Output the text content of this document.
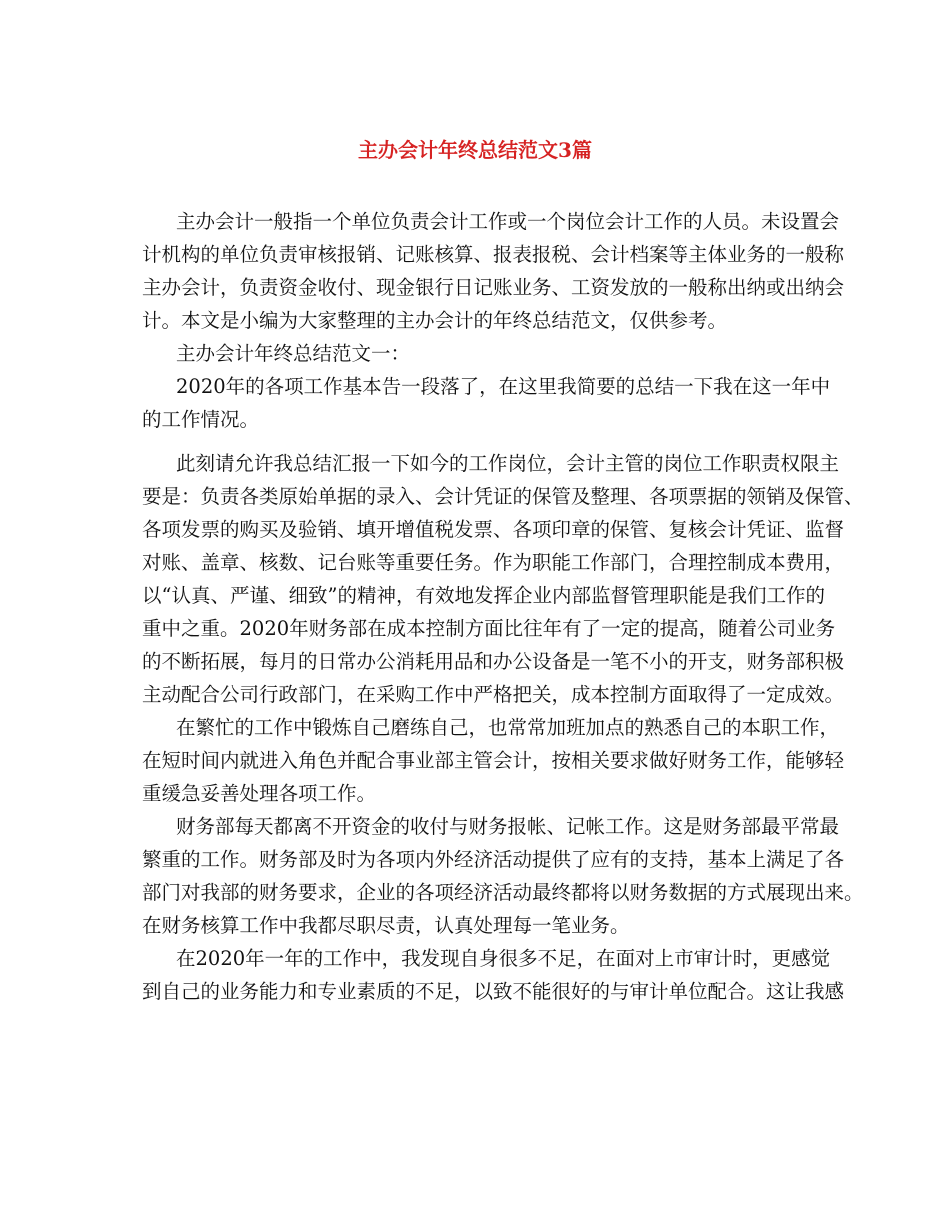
主办会计年终总结范文3篇
主办会计一般指一个单位负责会计工作或一个岗位会计工作的人员。未设置会
计机构的单位负责审核报销、记账核算、报表报税、会计档案等主体业务的一般称
主办会计，负责资金收付、现金银行日记账业务、工资发放的一般称出纳或出纳会
计。本文是小编为大家整理的主办会计的年终总结范文，仅供参考。
主办会计年终总结范文一：
2020年的各项工作基本告一段落了，在这里我简要的总结一下我在这一年中
的工作情况。
此刻请允许我总结汇报一下如今的工作岗位，会计主管的岗位工作职责权限主
要是：负责各类原始单据的录入、会计凭证的保管及整理、各项票据的领销及保管、
各项发票的购买及验销、填开增值税发票、各项印章的保管、复核会计凭证、监督
对账、盖章、核数、记台账等重要任务。作为职能工作部门，合理控制成本费用，
以“认真、严谨、细致”的精神，有效地发挥企业内部监督管理职能是我们工作的
重中之重。2020年财务部在成本控制方面比往年有了一定的提高，随着公司业务
的不断拓展，每月的日常办公消耗用品和办公设备是一笔不小的开支，财务部积极
主动配合公司行政部门，在采购工作中严格把关，成本控制方面取得了一定成效。
在繁忙的工作中锻炼自己磨练自己，也常常加班加点的熟悉自己的本职工作，
在短时间内就进入角色并配合事业部主管会计，按相关要求做好财务工作，能够轻
重缓急妥善处理各项工作。
财务部每天都离不开资金的收付与财务报帐、记帐工作。这是财务部最平常最
繁重的工作。财务部及时为各项内外经济活动提供了应有的支持，基本上满足了各
部门对我部的财务要求，企业的各项经济活动最终都将以财务数据的方式展现出来。
在财务核算工作中我都尽职尽责，认真处理每一笔业务。
在2020年一年的工作中，我发现自身很多不足，在面对上市审计时，更感觉
到自己的业务能力和专业素质的不足，以致不能很好的与审计单位配合。这让我感
